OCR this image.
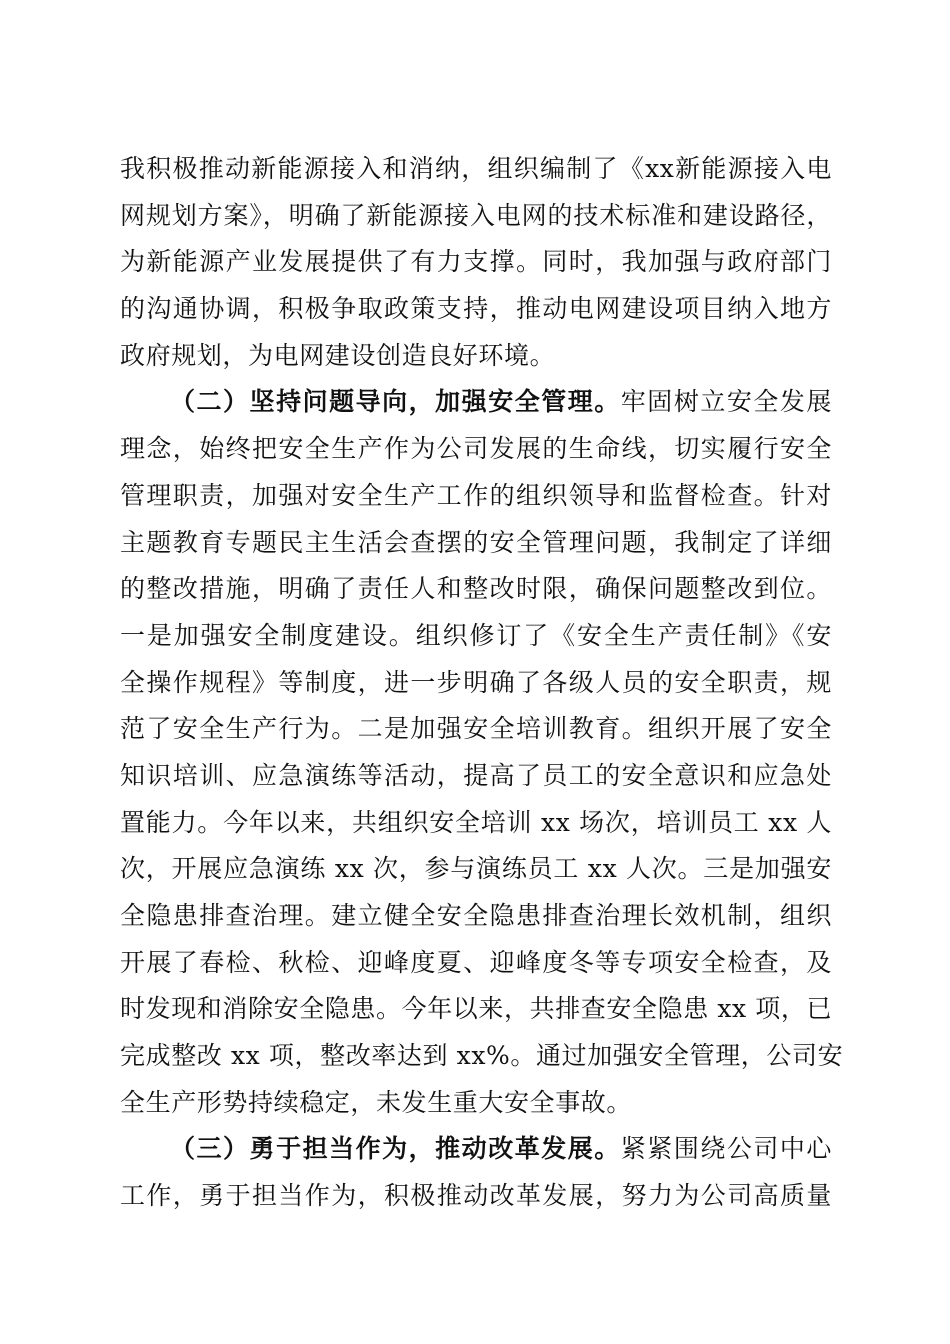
我积极推动新能源接入和消纳，组织编制了《xx新能源接入电
网规划方案》，明确了新能源接入电网的技术标准和建设路径，
为新能源产业发展提供了有力支撑。同时，我加强与政府部门
的沟通协调，积极争取政策支持，推动电网建设项目纳入地方
政府规划，为电网建设创造良好环境。
（二）坚持问题导向，加强安全管理。牢固树立安全发展
理念，始终把安全生产作为公司发展的生命线，切实履行安全
管理职责，加强对安全生产工作的组织领导和监督检查。针对
主题教育专题民主生活会查摆的安全管理问题，我制定了详细
的整改措施，明确了责任人和整改时限，确保问题整改到位。
一是加强安全制度建设。组织修订了《安全生产责任制》《安
全操作规程》等制度，进一步明确了各级人员的安全职责，规
范了安全生产行为。二是加强安全培训教育。组织开展了安全
知识培训、应急演练等活动，提高了员工的安全意识和应急处
置能力。今年以来，共组织安全培训 xx 场次，培训员工 xx 人
次，开展应急演练 xx 次，参与演练员工 xx 人次。三是加强安
全隐患排查治理。建立健全安全隐患排查治理长效机制，组织
开展了春检、秋检、迎峰度夏、迎峰度冬等专项安全检查，及
时发现和消除安全隐患。今年以来，共排查安全隐患 xx 项，已
完成整改 xx 项，整改率达到 xx%。通过加强安全管理，公司安
全生产形势持续稳定，未发生重大安全事故。
（三）勇于担当作为，推动改革发展。紧紧围绕公司中心
工作，勇于担当作为，积极推动改革发展，努力为公司高质量
